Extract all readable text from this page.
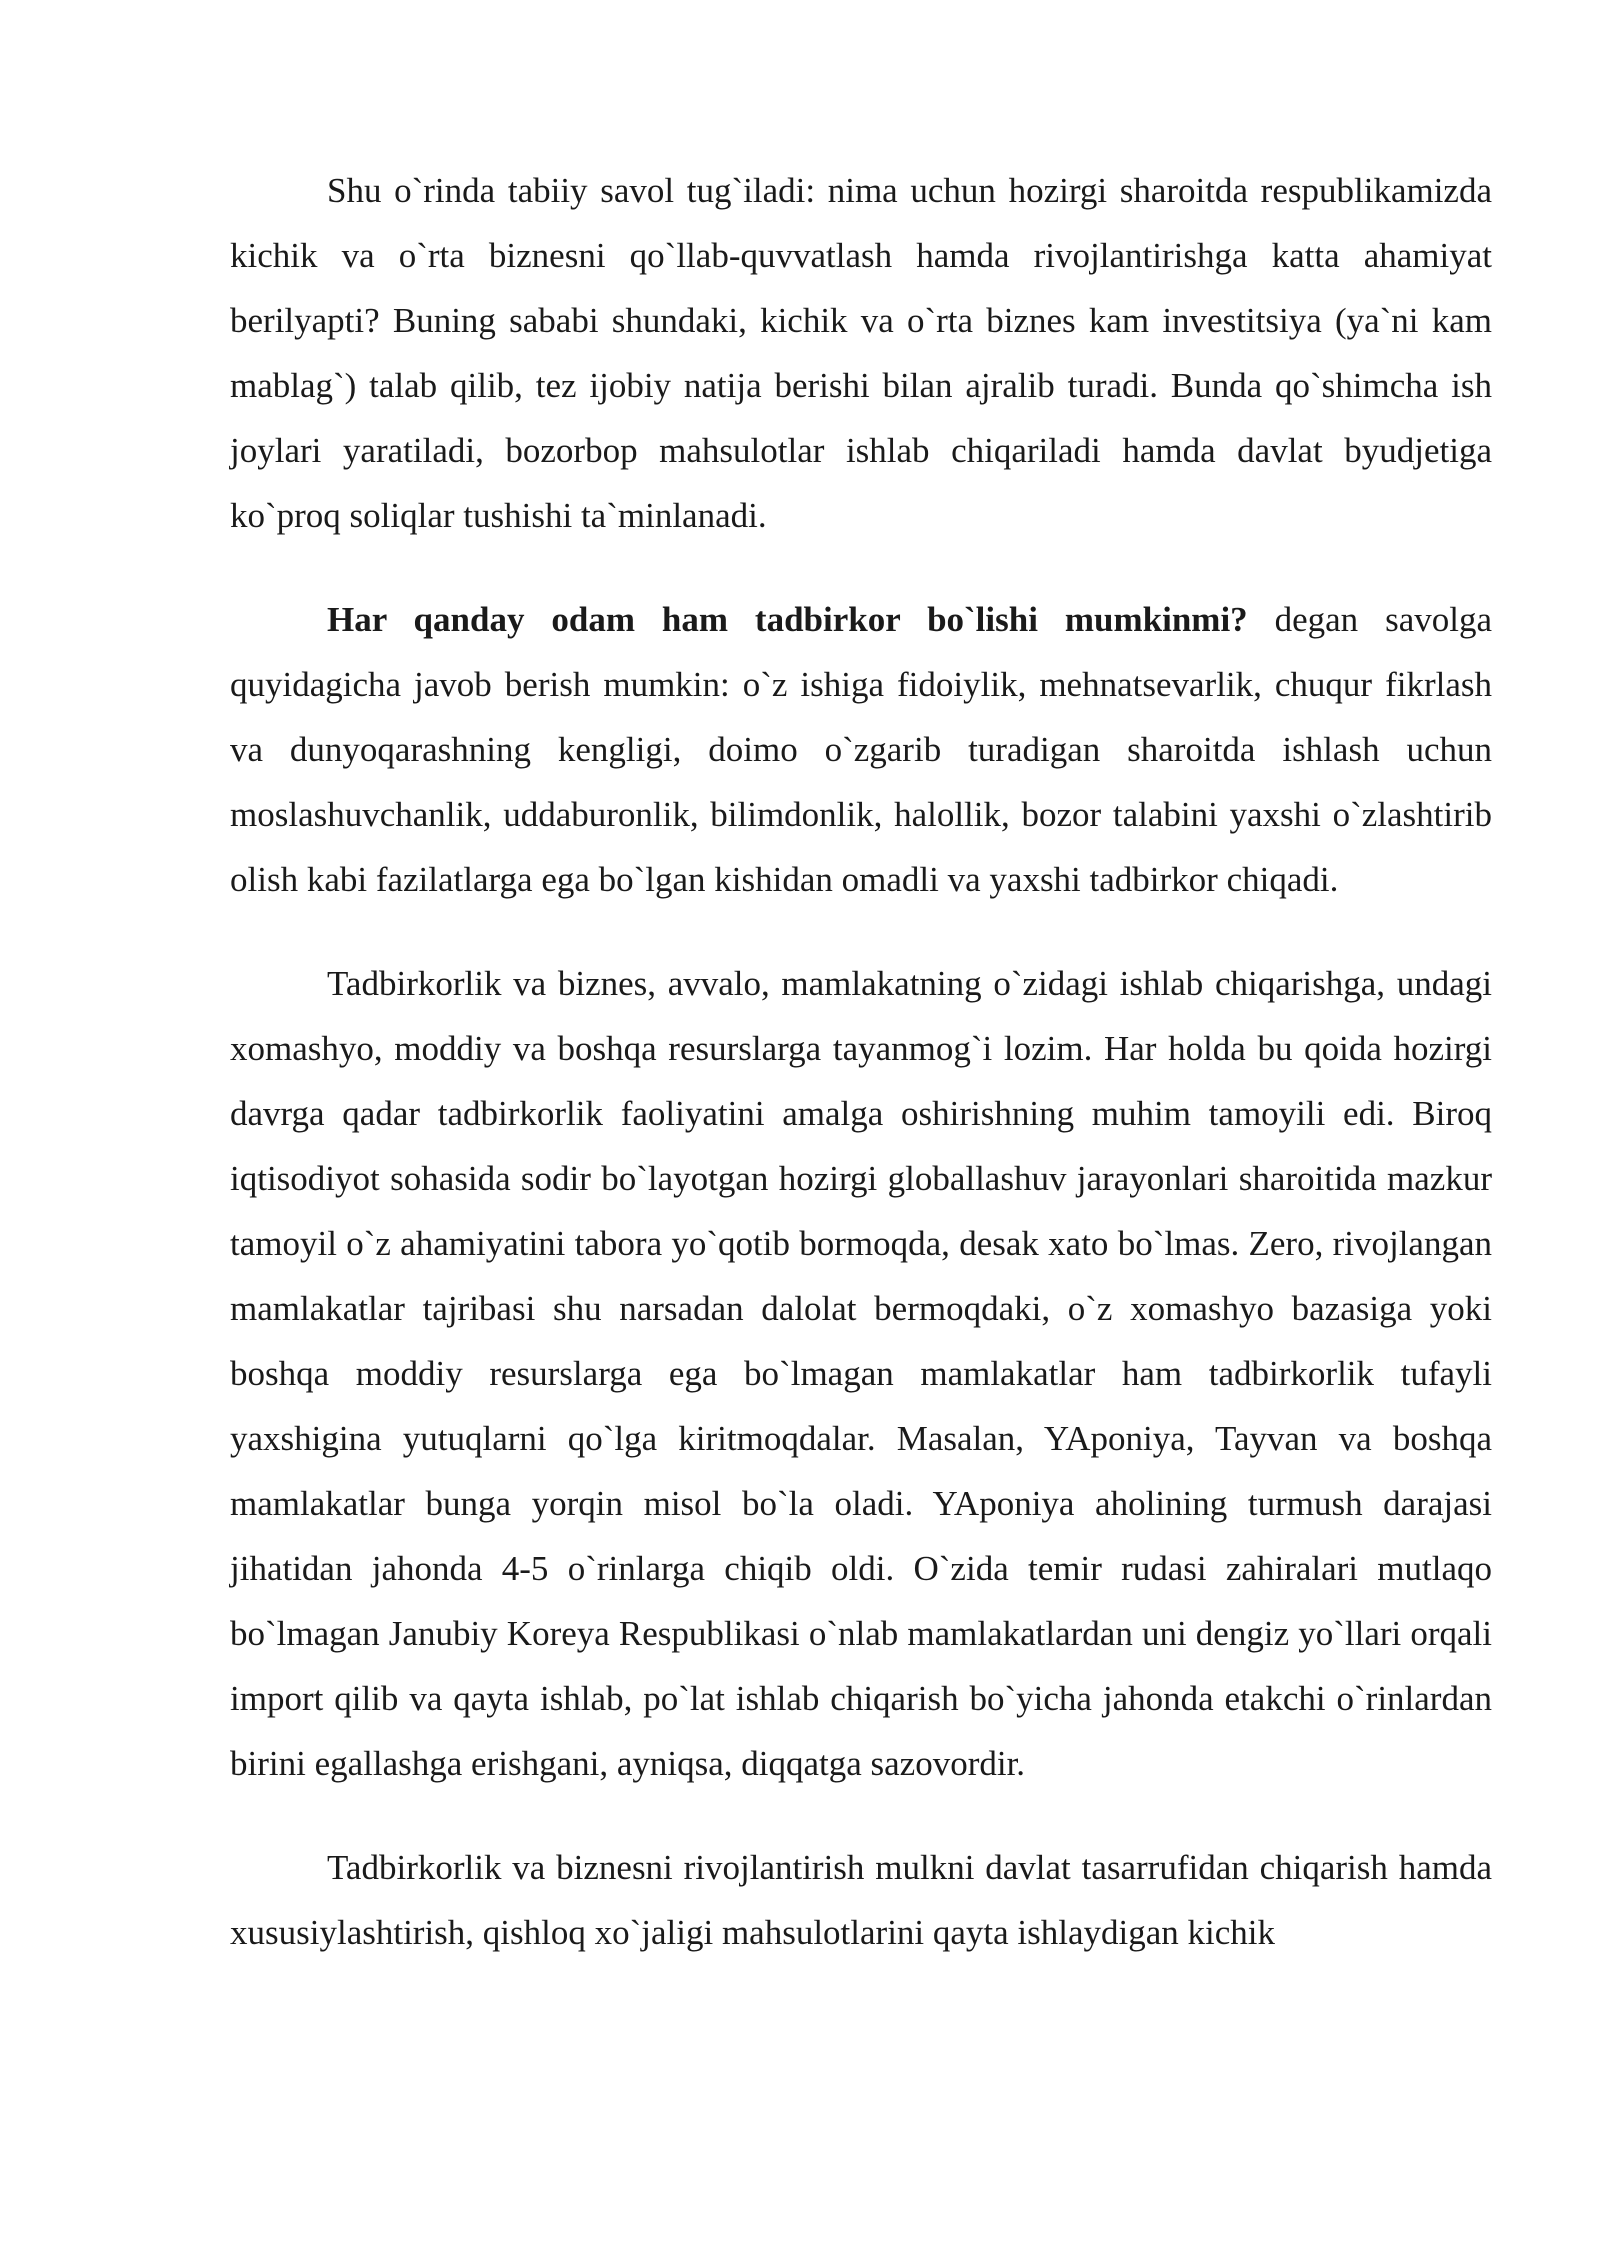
Shu o`rinda tabiiy savol tug`iladi: nima uchun hozirgi sharoitda respublikamizda kichik va o`rta biznesni qo`llab-quvvatlash hamda rivojlantirishga katta ahamiyat berilyapti? Buning sababi shundaki, kichik va o`rta biznes kam investitsiya (ya`ni kam mablag`) talab qilib, tez ijobiy natija berishi bilan ajralib turadi. Bunda qo`shimcha ish joylari yaratiladi, bozorbop mahsulotlar ishlab chiqariladi hamda davlat byudjetiga ko`proq soliqlar tushishi ta`minlanadi.

Har qanday odam ham tadbirkor bo`lishi mumkinmi? degan savolga quyidagicha javob berish mumkin: o`z ishiga fidoiylik, mehnatsevarlik, chuqur fikrlash va dunyoqarashning kengligi, doimo o`zgarib turadigan sharoitda ishlash uchun moslashuvchanlik, uddaburonlik, bilimdonlik, halollik, bozor talabini yaxshi o`zlashtirib olish kabi fazilatlarga ega bo`lgan kishidan omadli va yaxshi tadbirkor chiqadi.

Tadbirkorlik va biznes, avvalo, mamlakatning o`zidagi ishlab chiqarishga, undagi xomashyo, moddiy va boshqa resurslarga tayanmog`i lozim. Har holda bu qoida hozirgi davrga qadar tadbirkorlik faoliyatini amalga oshirishning muhim tamoyili edi. Biroq iqtisodiyot sohasida sodir bo`layotgan hozirgi globallashuv jarayonlari sharoitida mazkur tamoyil o`z ahamiyatini tabora yo`qotib bormoqda, desak xato bo`lmas. Zero, rivojlangan mamlakatlar tajribasi shu narsadan dalolat bermoqdaki, o`z xomashyo bazasiga yoki boshqa moddiy resurslarga ega bo`lmagan mamlakatlar ham tadbirkorlik tufayli yaxshigina yutuqlarni qo`lga kiritmoqdalar. Masalan, YAponiya, Tayvan va boshqa mamlakatlar bunga yorqin misol bo`la oladi. YAponiya aholining turmush darajasi jihatidan jahonda 4-5 o`rinlarga chiqib oldi. O`zida temir rudasi zahiralari mutlaqo bo`lmagan Janubiy Koreya Respublikasi o`nlab mamlakatlardan uni dengiz yo`llari orqali import qilib va qayta ishlab, po`lat ishlab chiqarish bo`yicha jahonda etakchi o`rinlardan birini egallashga erishgani, ayniqsa, diqqatga sazovordir.

Tadbirkorlik va biznesni rivojlantirish mulkni davlat tasarrufidan chiqarish hamda xususiylashtirish, qishloq xo`jaligi mahsulotlarini qayta ishlaydigan kichik
